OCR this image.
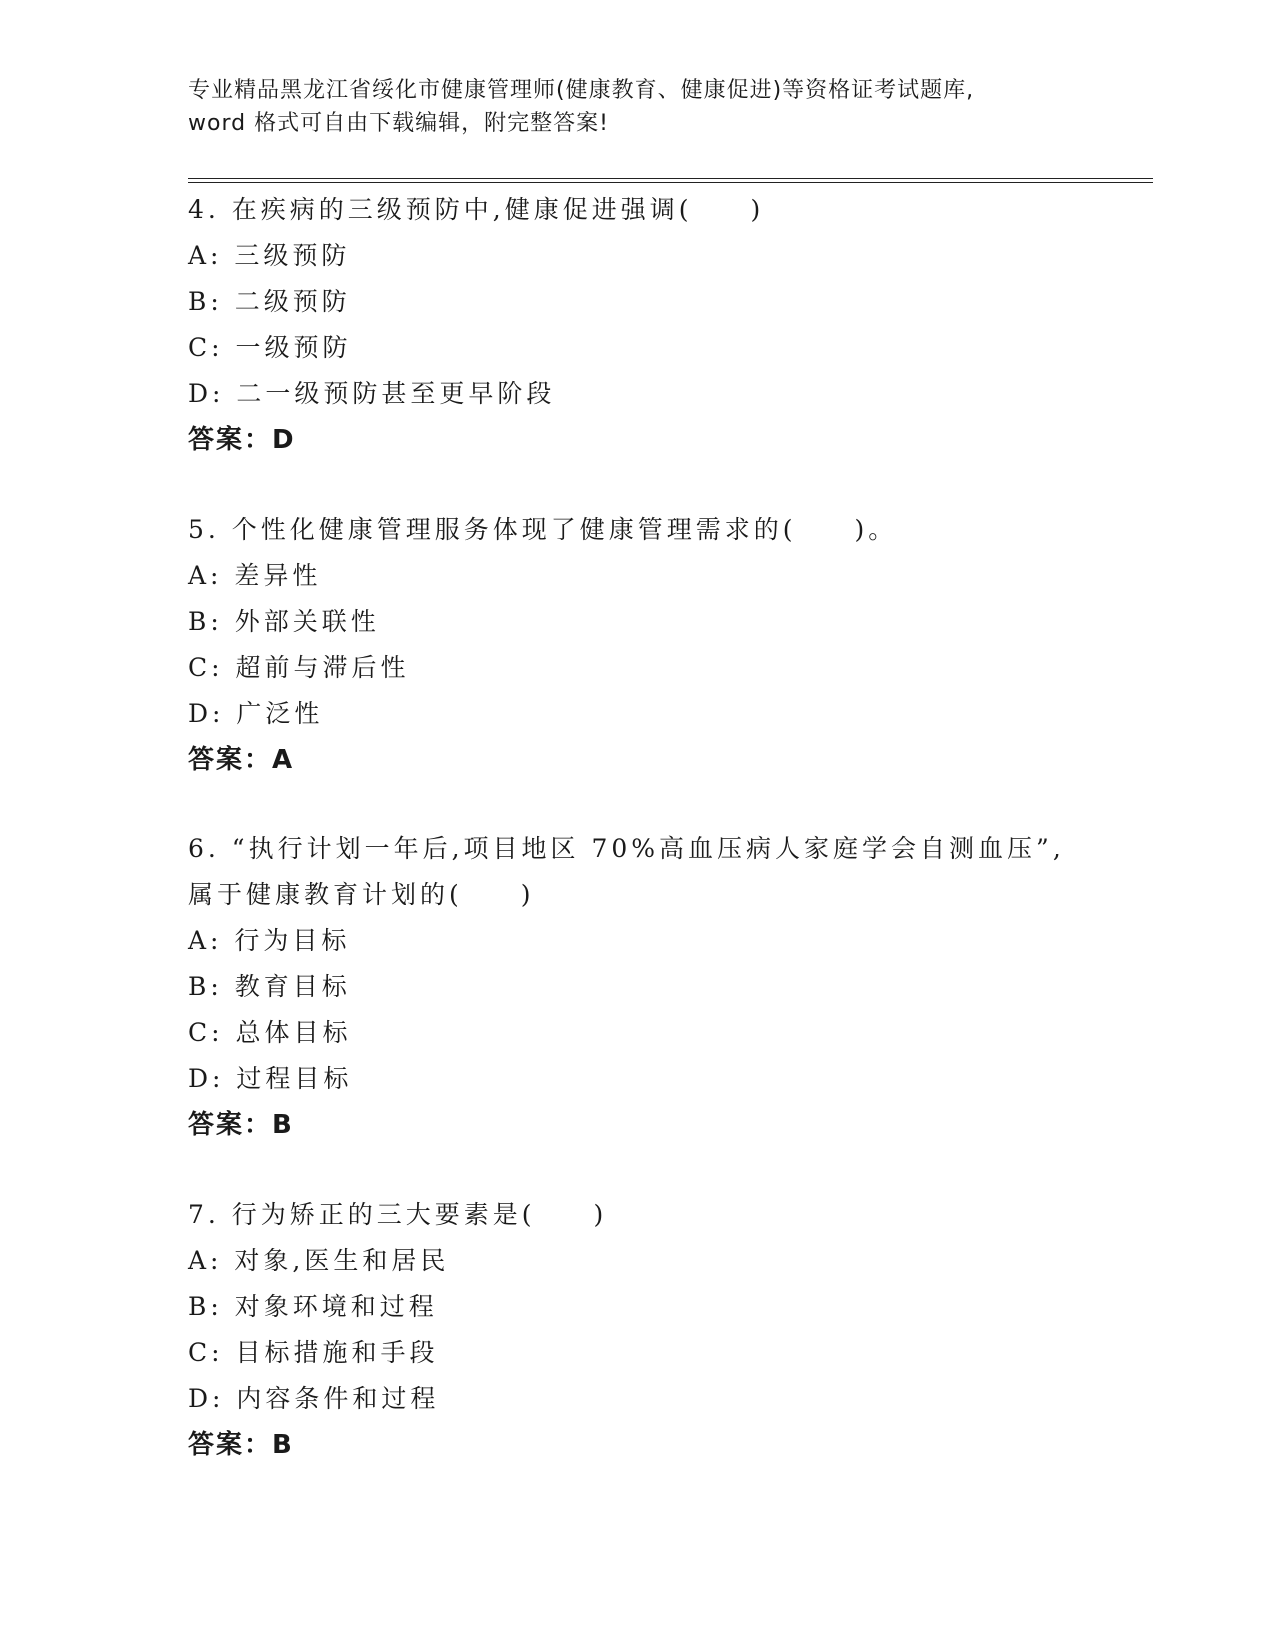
专业精品黑龙江省绥化市健康管理师(健康教育、健康促进)等资格证考试题库,
word 格式可自由下载编辑，附完整答案!
4. 在疾病的三级预防中,健康促进强调(　　)
A: 三级预防
B: 二级预防
C: 一级预防
D: 二一级预防甚至更早阶段
答案：D
5. 个性化健康管理服务体现了健康管理需求的(　　)。
A: 差异性
B: 外部关联性
C: 超前与滞后性
D: 广泛性
答案：A
6. “执行计划一年后,项目地区 70%高血压病人家庭学会自测血压”,
属于健康教育计划的(　　)
A: 行为目标
B: 教育目标
C: 总体目标
D: 过程目标
答案：B
7. 行为矫正的三大要素是(　　)
A: 对象,医生和居民
B: 对象环境和过程
C: 目标措施和手段
D: 内容条件和过程
答案：B
